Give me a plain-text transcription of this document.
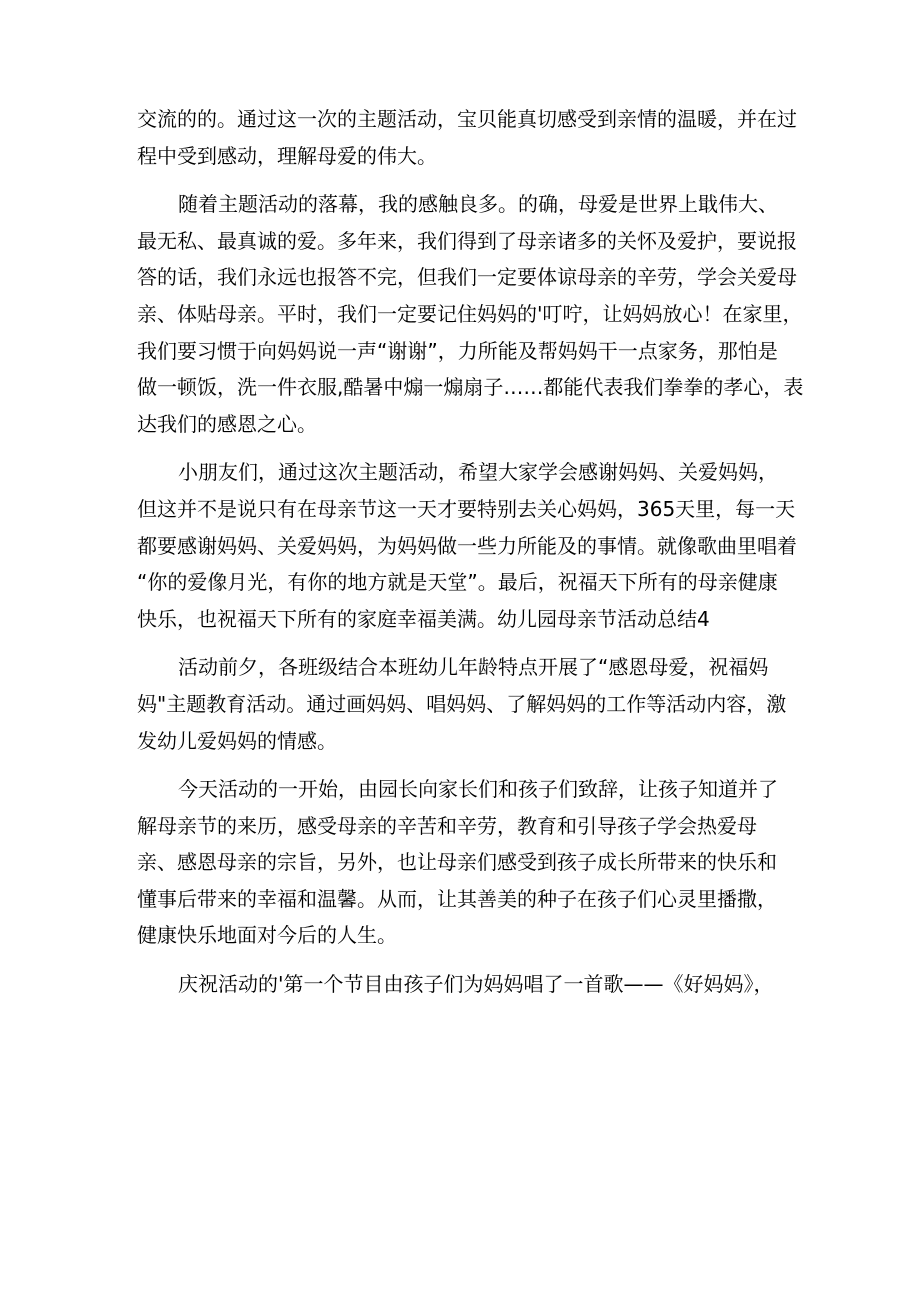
交流的的。通过这一次的主题活动，宝贝能真切感受到亲情的温暖，并在过
程中受到感动，理解母爱的伟大。
随着主题活动的落幕，我的感触良多。的确，母爱是世界上戢伟大、
最无私、最真诚的爱。多年来，我们得到了母亲诸多的关怀及爱护，要说报
答的话，我们永远也报答不完，但我们一定要体谅母亲的辛劳，学会关爱母
亲、体贴母亲。平时，我们一定要记住妈妈的'叮咛，让妈妈放心！在家里，
我们要习惯于向妈妈说一声“谢谢”，力所能及帮妈妈干一点家务，那怕是
做一顿饭，洗一件衣服,酷暑中煽一煽扇子……都能代表我们拳拳的孝心，表
达我们的感恩之心。
小朋友们，通过这次主题活动，希望大家学会感谢妈妈、关爱妈妈，
但这并不是说只有在母亲节这一天才要特别去关心妈妈，365天里，每一天
都要感谢妈妈、关爱妈妈，为妈妈做一些力所能及的事情。就像歌曲里唱着
“你的爱像月光，有你的地方就是天堂”。最后，祝福天下所有的母亲健康
快乐，也祝福天下所有的家庭幸福美满。幼儿园母亲节活动总结4
活动前夕，各班级结合本班幼儿年龄特点开展了“感恩母爱，祝福妈
妈"主题教育活动。通过画妈妈、唱妈妈、了解妈妈的工作等活动内容，激
发幼儿爱妈妈的情感。
今天活动的一开始，由园长向家长们和孩子们致辞，让孩子知道并了
解母亲节的来历，感受母亲的辛苦和辛劳，教育和引导孩子学会热爱母
亲、感恩母亲的宗旨，另外，也让母亲们感受到孩子成长所带来的快乐和
懂事后带来的幸福和温馨。从而，让其善美的种子在孩子们心灵里播撒，
健康快乐地面对今后的人生。
庆祝活动的'第一个节目由孩子们为妈妈唱了一首歌——《好妈妈》，
